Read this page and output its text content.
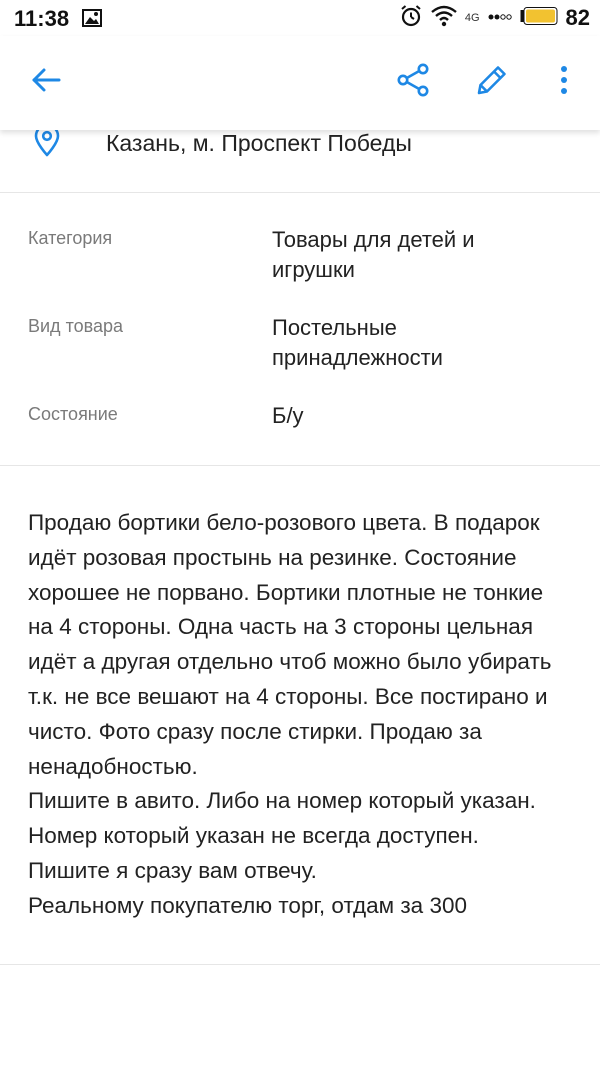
11:38	4G	82
Казань, м. Проспект Победы
Категория	Товары для детей и игрушки
Вид товара	Постельные принадлежности
Состояние	Б/у

Продаю бортики бело-розового цвета. В подарок идёт розовая простынь на резинке. Состояние хорошее не порвано. Бортики плотные не тонкие на 4 стороны. Одна часть на 3 стороны цельная идёт а другая отдельно чтоб можно было убирать т.к. не все вешают на 4 стороны. Все постирано и чисто. Фото сразу после стирки. Продаю за ненадобностью.

Пишите в авито. Либо на номер который указан.

Номер который указан не всегда доступен.

Пишите я сразу вам отвечу.

Реальному покупателю торг, отдам за 300
